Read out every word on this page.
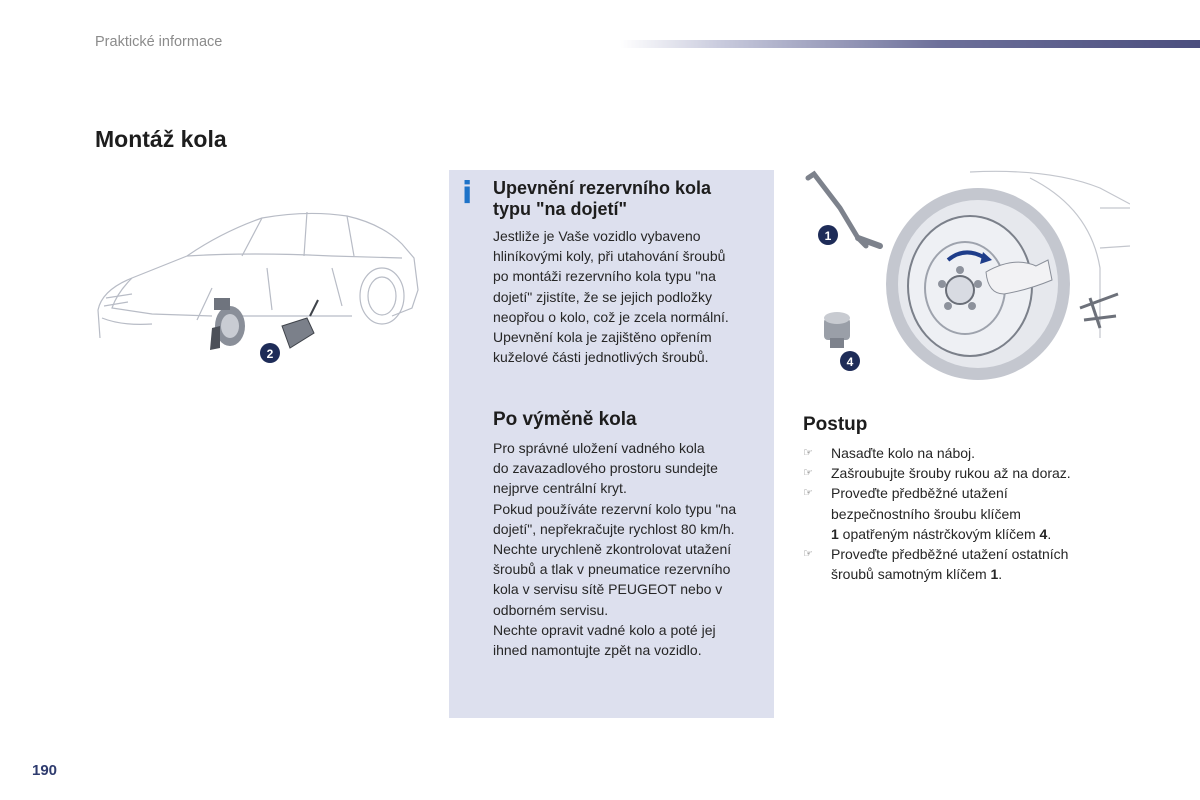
Praktické informace
Montáž kola
2
i Upevnění rezervního kola
typu "na dojetí"
Jestliže je Vaše vozidlo vybaveno
hliníkovými koly, při utahování šroubů
po montáži rezervního kola typu "na
dojetí" zjistíte, že se jejich podložky
neopřou o kolo, což je zcela normální.
Upevnění kola je zajištěno opřením
kuželové části jednotlivých šroubů.
Po výměně kola
Pro správné uložení vadného kola
do zavazadlového prostoru sundejte
nejprve centrální kryt.
Pokud používáte rezervní kolo typu "na
dojetí", nepřekračujte rychlost 80 km/h.
Nechte urychleně zkontrolovat utažení
šroubů a tlak v pneumatice rezervního
kola v servisu sítě PEUGEOT nebo v
odborném servisu.
Nechte opravit vadné kolo a poté jej
ihned namontujte zpět na vozidlo.
1
4
Postup
☞ Nasaďte kolo na náboj.
☞ Zašroubujte šrouby rukou až na doraz.
☞ Proveďte předběžné utažení
bezpečnostního šroubu klíčem
1 opatřeným nástrčkovým klíčem 4.
☞ Proveďte předběžné utažení ostatních
šroubů samotným klíčem 1.
190
